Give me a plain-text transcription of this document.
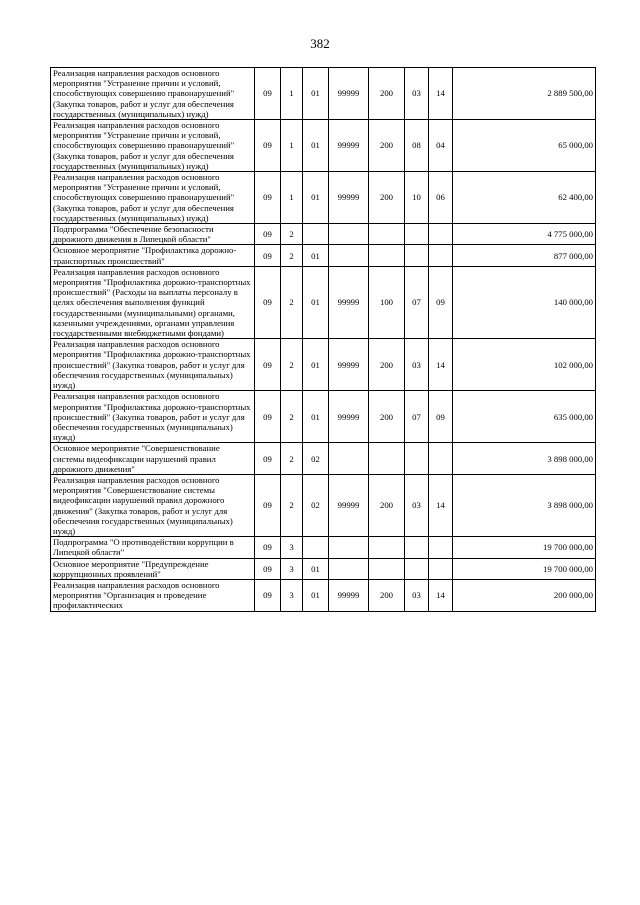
382
Реализация направления расходов основного мероприятия "Устранение причин и условий, способствующих совершению правонарушений" (Закупка товаров, работ и услуг для обеспечения государственных (муниципальных) нужд)	09	1	01	99999	200	03	14	2 889 500,00
Реализация направления расходов основного мероприятия "Устранение причин и условий, способствующих совершению правонарушений" (Закупка товаров, работ и услуг для обеспечения государственных (муниципальных) нужд)	09	1	01	99999	200	08	04	65 000,00
Реализация направления расходов основного мероприятия "Устранение причин и условий, способствующих совершению правонарушений" (Закупка товаров, работ и услуг для обеспечения государственных (муниципальных) нужд)	09	1	01	99999	200	10	06	62 400,00
Подпрограмма "Обеспечение безопасности дорожного движения в Липецкой области"	09	2						4 775 000,00
Основное мероприятие "Профилактика дорожно-транспортных происшествий"	09	2	01					877 000,00
Реализация направления расходов основного мероприятия "Профилактика дорожно-транспортных происшествий" (Расходы на выплаты персоналу в целях обеспечения выполнения функций государственными (муниципальными) органами, казенными учреждениями, органами управления государственными внебюджетными фондами)	09	2	01	99999	100	07	09	140 000,00
Реализация направления расходов основного мероприятия "Профилактика дорожно-транспортных происшествий" (Закупка товаров, работ и услуг для обеспечения государственных (муниципальных) нужд)	09	2	01	99999	200	03	14	102 000,00
Реализация направления расходов основного мероприятия "Профилактика дорожно-транспортных происшествий" (Закупка товаров, работ и услуг для обеспечения государственных (муниципальных) нужд)	09	2	01	99999	200	07	09	635 000,00
Основное мероприятие "Совершенствование системы видеофиксации нарушений правил дорожного движения"	09	2	02					3 898 000,00
Реализация направления расходов основного мероприятия "Совершенствование системы видеофиксации нарушений правил дорожного движения" (Закупка товаров, работ и услуг для обеспечения государственных (муниципальных) нужд)	09	2	02	99999	200	03	14	3 898 000,00
Подпрограмма "О противодействии коррупции в Липецкой области"	09	3						19 700 000,00
Основное мероприятие "Предупреждение коррупционных проявлений"	09	3	01					19 700 000,00
Реализация направления расходов основного мероприятия "Организация и проведение профилактических	09	3	01	99999	200	03	14	200 000,00
